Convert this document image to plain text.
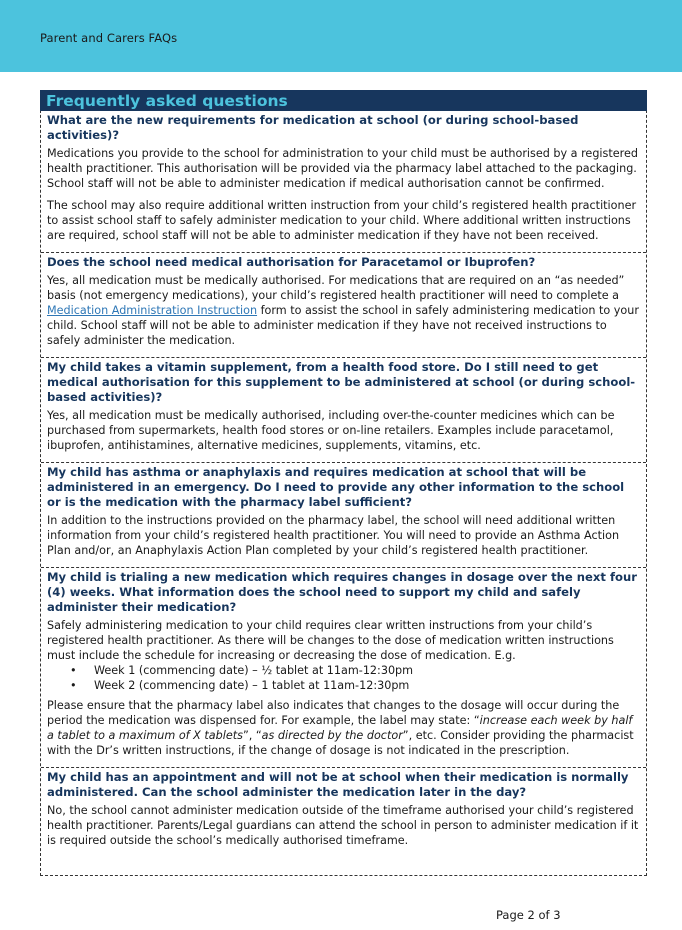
Parent and Carers FAQs
Frequently asked questions
What are the new requirements for medication at school (or during school-based activities)?
Medications you provide to the school for administration to your child must be authorised by a registered health practitioner. This authorisation will be provided via the pharmacy label attached to the packaging. School staff will not be able to administer medication if medical authorisation cannot be confirmed.
The school may also require additional written instruction from your child’s registered health practitioner to assist school staff to safely administer medication to your child. Where additional written instructions are required, school staff will not be able to administer medication if they have not been received.
Does the school need medical authorisation for Paracetamol or Ibuprofen?
Yes, all medication must be medically authorised. For medications that are required on an “as needed” basis (not emergency medications), your child’s registered health practitioner will need to complete a Medication Administration Instruction form to assist the school in safely administering medication to your child. School staff will not be able to administer medication if they have not received instructions to safely administer the medication.
My child takes a vitamin supplement, from a health food store. Do I still need to get medical authorisation for this supplement to be administered at school (or during school-based activities)?
Yes, all medication must be medically authorised, including over-the-counter medicines which can be purchased from supermarkets, health food stores or on-line retailers. Examples include paracetamol, ibuprofen, antihistamines, alternative medicines, supplements, vitamins, etc.
My child has asthma or anaphylaxis and requires medication at school that will be administered in an emergency. Do I need to provide any other information to the school or is the medication with the pharmacy label sufficient?
In addition to the instructions provided on the pharmacy label, the school will need additional written information from your child’s registered health practitioner. You will need to provide an Asthma Action Plan and/or, an Anaphylaxis Action Plan completed by your child’s registered health practitioner.
My child is trialing a new medication which requires changes in dosage over the next four (4) weeks. What information does the school need to support my child and safely administer their medication?
Safely administering medication to your child requires clear written instructions from your child’s registered health practitioner. As there will be changes to the dose of medication written instructions must include the schedule for increasing or decreasing the dose of medication. E.g.
• Week 1 (commencing date) – ½ tablet at 11am-12:30pm
• Week 2 (commencing date) – 1 tablet at 11am-12:30pm
Please ensure that the pharmacy label also indicates that changes to the dosage will occur during the period the medication was dispensed for. For example, the label may state: “increase each week by half a tablet to a maximum of X tablets”, “as directed by the doctor”, etc. Consider providing the pharmacist with the Dr’s written instructions, if the change of dosage is not indicated in the prescription.
My child has an appointment and will not be at school when their medication is normally administered. Can the school administer the medication later in the day?
No, the school cannot administer medication outside of the timeframe authorised your child’s registered health practitioner. Parents/Legal guardians can attend the school in person to administer medication if it is required outside the school’s medically authorised timeframe.
Page 2 of 3
